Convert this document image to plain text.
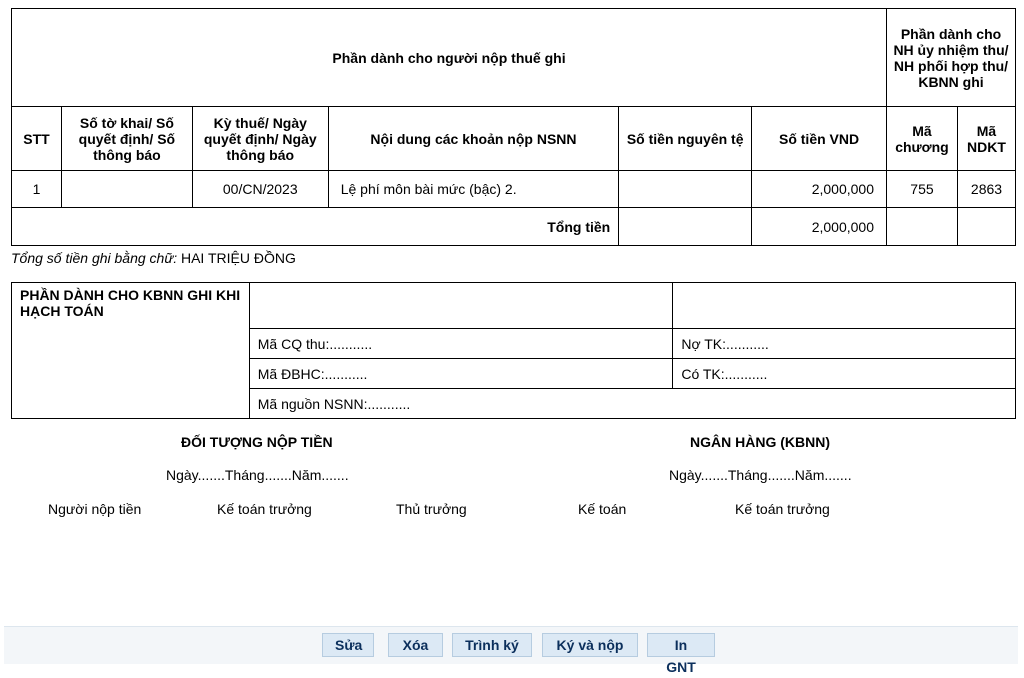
Phần dành cho người nộp thuế ghi						Phần dành cho NH ủy nhiệm thu/ NH phối hợp thu/ KBNN ghi	
STT	Số tờ khai/ Số quyết định/ Số thông báo	Kỳ thuế/ Ngày quyết định/ Ngày thông báo	Nội dung các khoản nộp NSNN	Số tiền nguyên tệ	Số tiền VND	Mã chương	Mã NDKT
1		00/CN/2023	Lệ phí môn bài mức (bậc) 2.		2,000,000	755	2863
Tổng tiền					2,000,000		
Tổng số tiền ghi bằng chữ: HAI TRIỆU ĐỒNG
PHẦN DÀNH CHO KBNN GHI KHI HẠCH TOÁN		
	Mã CQ thu:...........	Nợ TK:...........
	Mã ĐBHC:...........	Có TK:...........
	Mã nguồn NSNN:...........	
ĐỐI TƯỢNG NỘP TIỀN	NGÂN HÀNG (KBNN)
Ngày.......Tháng.......Năm.......	Ngày.......Tháng.......Năm.......
Người nộp tiền	Kế toán trưởng	Thủ trưởng	Kế toán	Kế toán trưởng
Sửa	Xóa	Trình ký	Ký và nộp	In GNT
